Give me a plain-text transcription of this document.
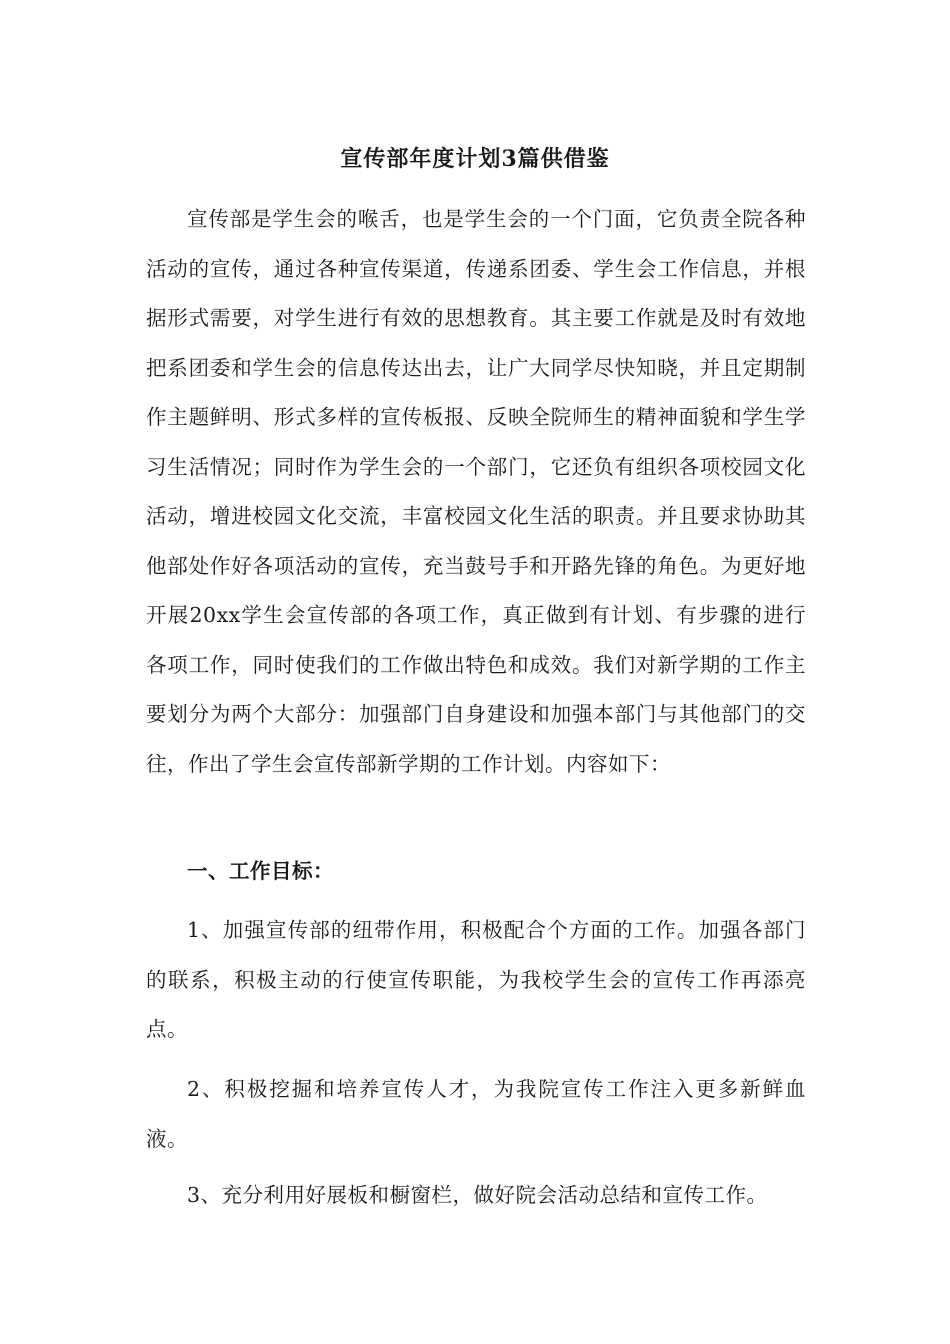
宣传部年度计划3篇供借鉴

宣传部是学生会的喉舌，也是学生会的一个门面，它负责全院各种活动的宣传，通过各种宣传渠道，传递系团委、学生会工作信息，并根据形式需要，对学生进行有效的思想教育。其主要工作就是及时有效地把系团委和学生会的信息传达出去，让广大同学尽快知晓，并且定期制作主题鲜明、形式多样的宣传板报、反映全院师生的精神面貌和学生学习生活情况；同时作为学生会的一个部门，它还负有组织各项校园文化活动，增进校园文化交流，丰富校园文化生活的职责。并且要求协助其他部处作好各项活动的宣传，充当鼓号手和开路先锋的角色。为更好地开展20xx学生会宣传部的各项工作，真正做到有计划、有步骤的进行各项工作，同时使我们的工作做出特色和成效。我们对新学期的工作主要划分为两个大部分：加强部门自身建设和加强本部门与其他部门的交往，作出了学生会宣传部新学期的工作计划。内容如下：

一、工作目标：

1、加强宣传部的纽带作用，积极配合个方面的工作。加强各部门的联系，积极主动的行使宣传职能，为我校学生会的宣传工作再添亮点。

2、积极挖掘和培养宣传人才，为我院宣传工作注入更多新鲜血液。

3、充分利用好展板和橱窗栏，做好院会活动总结和宣传工作。
